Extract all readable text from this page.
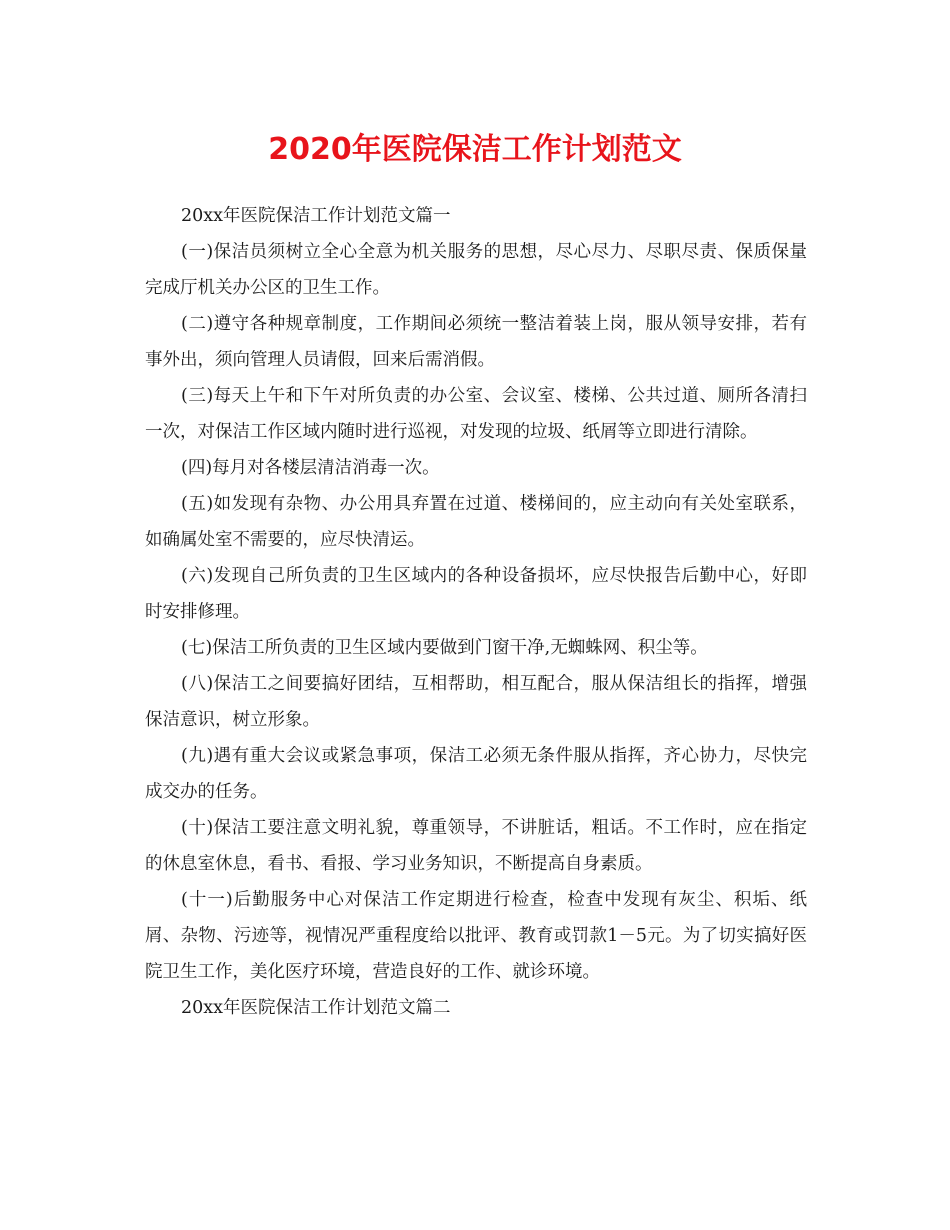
2020年医院保洁工作计划范文

20xx年医院保洁工作计划范文篇一

(一)保洁员须树立全心全意为机关服务的思想，尽心尽力、尽职尽责、保质保量完成厅机关办公区的卫生工作。

(二)遵守各种规章制度，工作期间必须统一整洁着装上岗，服从领导安排，若有事外出，须向管理人员请假，回来后需消假。

(三)每天上午和下午对所负责的办公室、会议室、楼梯、公共过道、厕所各清扫一次，对保洁工作区域内随时进行巡视，对发现的垃圾、纸屑等立即进行清除。

(四)每月对各楼层清洁消毒一次。

(五)如发现有杂物、办公用具弃置在过道、楼梯间的，应主动向有关处室联系，如确属处室不需要的，应尽快清运。

(六)发现自己所负责的卫生区域内的各种设备损坏，应尽快报告后勤中心，好即时安排修理。

(七)保洁工所负责的卫生区域内要做到门窗干净,无蜘蛛网、积尘等。

(八)保洁工之间要搞好团结，互相帮助，相互配合，服从保洁组长的指挥，增强保洁意识，树立形象。

(九)遇有重大会议或紧急事项，保洁工必须无条件服从指挥，齐心协力，尽快完成交办的任务。

(十)保洁工要注意文明礼貌，尊重领导，不讲脏话，粗话。不工作时，应在指定的休息室休息，看书、看报、学习业务知识，不断提高自身素质。

(十一)后勤服务中心对保洁工作定期进行检查，检查中发现有灰尘、积垢、纸屑、杂物、污迹等，视情况严重程度给以批评、教育或罚款1－5元。为了切实搞好医院卫生工作，美化医疗环境，营造良好的工作、就诊环境。

20xx年医院保洁工作计划范文篇二
